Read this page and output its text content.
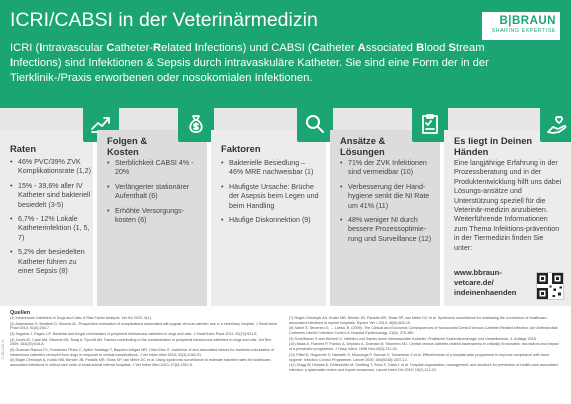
ICRI/CABSI in der Veterinärmedizin

ICRI (Intravascular Catheter-Related Infections) und CABSI (Catheter Associated Blood Stream Infections) sind Infektionen & Sepsis durch intravaskuläre Katheter. Sie sind eine Form der in der Tierklinik-/Praxis erworbenen oder nosokomialen Infektionen.

B|BRAUN
SHARING EXPERTISE
Raten
• 46% PVC/39% ZVK Komplikationsrate (1,2)
• 15% - 39,6% aller IV Katheter sind bakteriell besiedelt (3-5)
• 6,7% - 12% Lokale Katheterinfektion (1, 5, 7)
• 5,2% der besiedelten Katheter führen zu einer Sepsis (8)
Folgen & Kosten
• Sterblichkeit CABSI 4% - 20%
• Verlängerter stationärer Aufenthalt (6)
• Erhöhte Versorgungs-kosten (6)
Faktoren
• Bakterielle Besiedlung – 46% MRE nachweisbar (1)
• Häufigste Ursache: Brüche der Asepsis beim Legen und beim Handling
• Häufige Diskonnektion (9)
Ansätze & Lösungen
• 71% der ZVK Infektionen sind vermeidbar (10)
• Verbesserung der Hand-hygiene senkt die NI Rate um 41% (11)
• 48% weniger NI durch bessere Prozessoptimie-rung und Surveillance (12)
Es liegt in Deinen Händen

Eine langjährige Erfahrung in der Prozessberatung und in der Produktentwicklung hilft uns dabei Lösungs-ansätze und Unterstützung speziell für die Veterinär-medizin anzubieten. Weiterführende Informationen zum Thema Infektions-prävention in der Tiermedizin finden Sie unter:

www.bbraun-vetcare.de/ indeinenhaenden
Quellen
(1) Intravenous Catheters in Dogs and Cats: A Risk Factor Analysis. Vet Sci 2022; 9(1).
(2) Adamantos S, Brodbelt D, Moores AL. Prospective evaluation of complications associated with jugular venous catheter use in a veterinary hospital. J Small Anim Pract 2010; 51(5):254-7.
(3) Seguela J, Pages J-P. Bacterial and fungal colonisation of peripheral intravenous catheters in dogs and cats. J Small Anim Pract 2011; 52(10):531-5.
(4) Jones ID, Case AM, Stevens KB, Boag A, Rycroft AN. Factors contributing to the contamination of peripheral intravenous catheters in dogs and cats. Vet Rec 2009; 164(20):616-8.
(5) Guzman Ramos PJ, Fernández Pérez C, Ayllón Santiago T, Baquero Artigao MR, Ortiz-Díez G. Incidence of and associated factors for bacterial colonization of intravenous catheters removed from dogs in response to clinical complications. J Vet Intern Med 2018; 32(3):1084-91.
(6) Bugle-Christoph A, Kostic MB, Bender JB, Paradis MR. Shaw SP, van Metre DC et al. Using syndromic surveillance to estimate baseline rates for healthcare-associated infections in critical care units of small animal referral hospitals. J Vet Intern Med 2013; 27(6):1352-8.
(7) Rugle-Christoph AA, Kostic MB, Bender JB, Paradis MR, Shaw SP, van Metre DC et al. Syndromic surveillance for evaluating the occurrence of healthcare-associated infections in equine hospitals. Equine Vet J 2014; 46(5):605-10.
(8) Samir S, Stroeneu G, ... Lanka, B. (2009). The Clinical and Economic Consequences of Nosocomial Central Venous Catheter-Related Infection: Are Antimicrobial Catheters Useful? Infection Control & Hospital Epidemiology, 21(6), 375-380.
(9) Schellhauer S and Wichert S. Infektion und Sepsis durch intravaskuläre Katheter. Praktische Kastentierchirurgie und Umweltschutz, 4. Auflage 2018
(10) Maas A, Flament P, Pardou A, Deplano A, Dramaix M, Struelens MJ. Central venous catheter-related bacteraemia in critically ill neonates: risk factors and impact of a prevention programme. J Hosp Infect. 1998 Nov;40(3):211-24.
(11) Pittet D, Hugonnet S, Harbarth S, Mourouga P, Sauvan V, Touveneau S et al. Effectiveness of a hospital-wide programme to improve compliance with hand hygiene. Infection Control Programme. Lancet 2000; 356(9238):1307-12.
(12) Zingg W, Holmes A, Dettenkofer M, Goetting T, Secci F, Clack L et al. Hospital organisation, management, and structure for prevention of health-care-associated infection: a systematic review and expert consensus. Lancet Infect Dis 2015; 15(2):212-24.
71-ED-2/0.21
